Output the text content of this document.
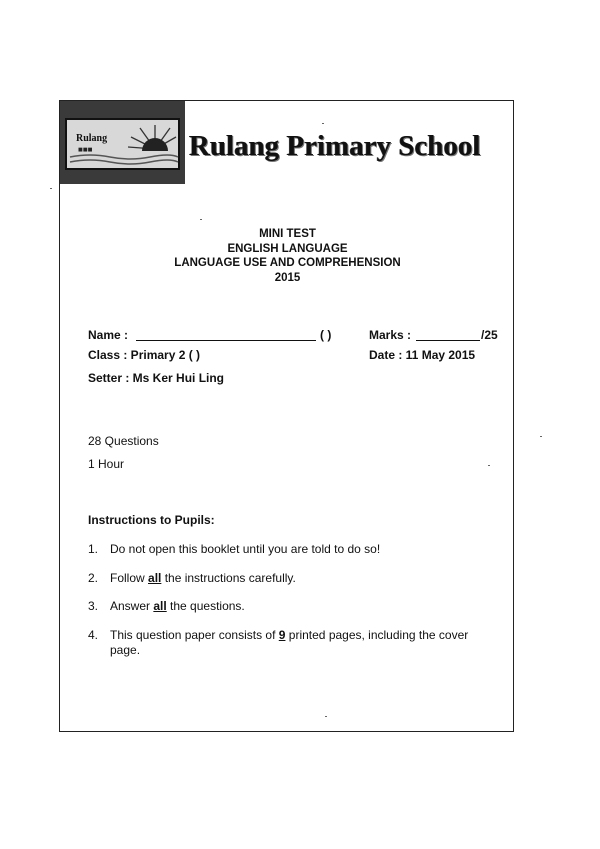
Rulang
■■■	Rulang Primary School
MINI TEST
ENGLISH LANGUAGE
LANGUAGE USE AND COMPREHENSION
2015
Name :	( )	Marks :	/25
Class : Primary 2 ( )	Date : 11 May 2015
Setter : Ms Ker Hui Ling
28 Questions
1 Hour
Instructions to Pupils:
1. Do not open this booklet until you are told to do so!
2. Follow all the instructions carefully.
3. Answer all the questions.
4. This question paper consists of 9 printed pages, including the cover page.
